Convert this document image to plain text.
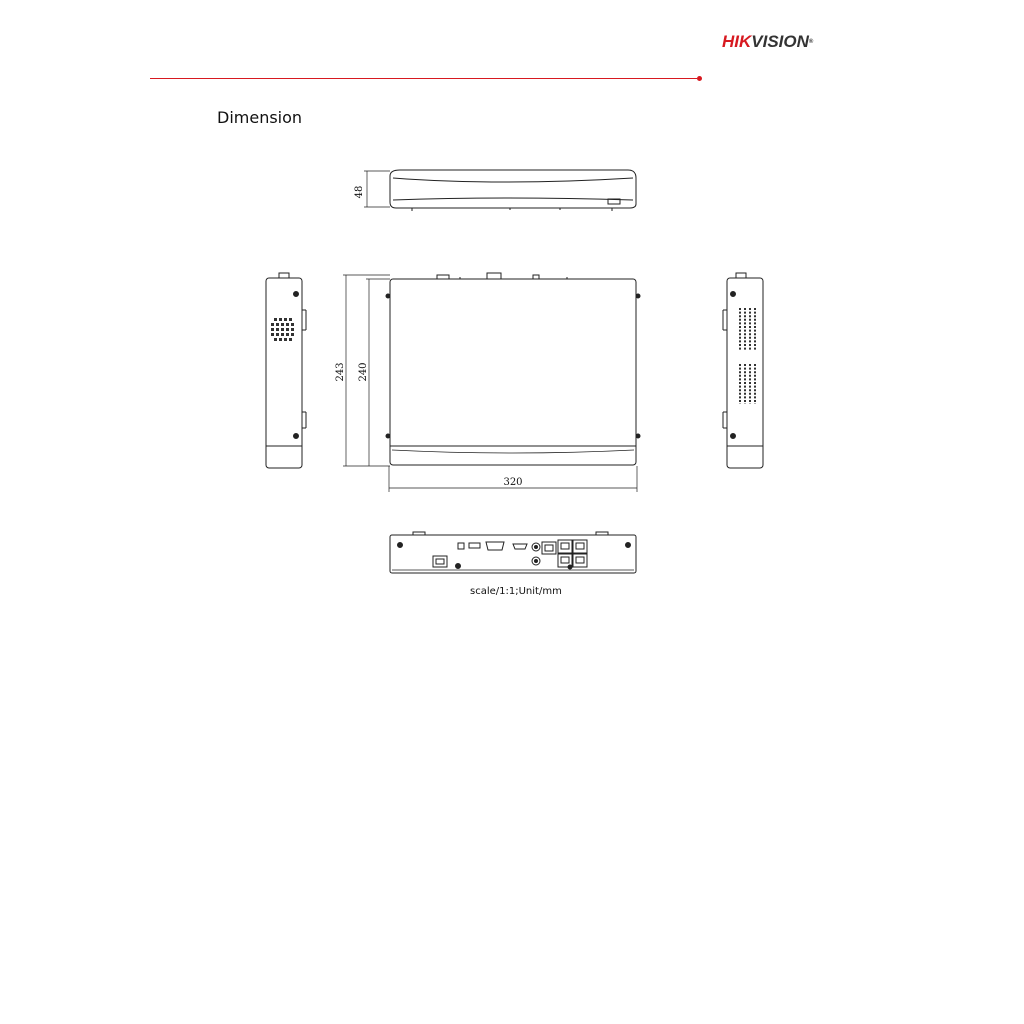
HIKVISION®
Dimension
48
243 240
320
scale/1:1;Unit/mm
